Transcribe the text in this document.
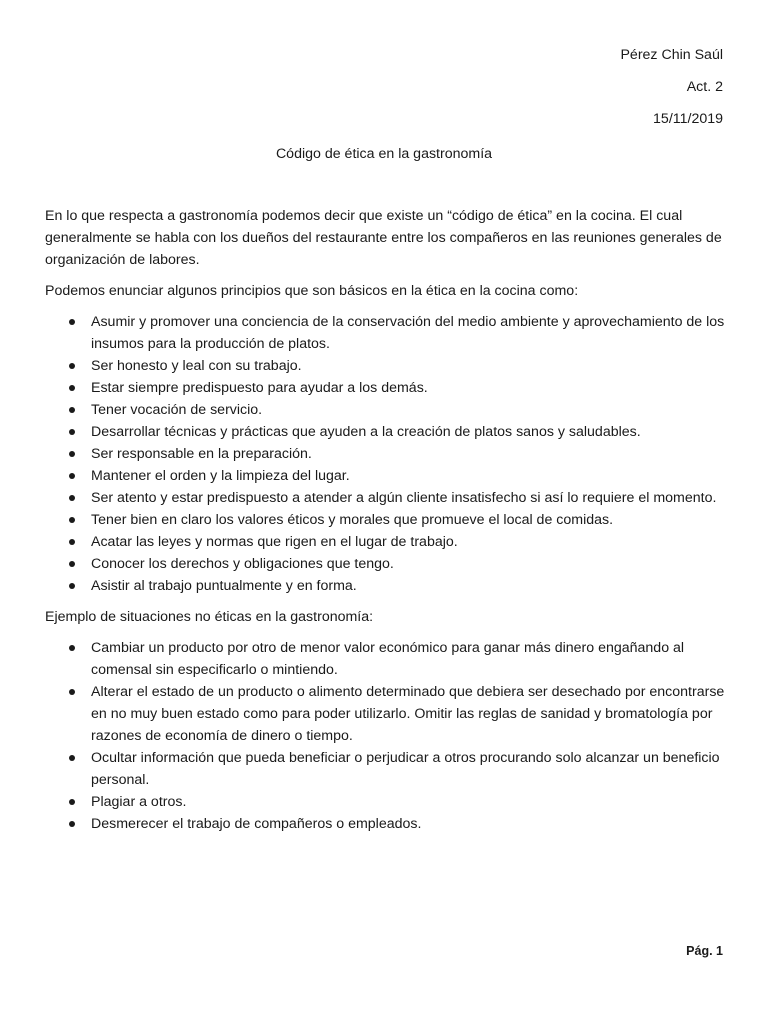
Pérez Chin Saúl
Act. 2
15/11/2019
Código de ética en la gastronomía

En lo que respecta a gastronomía podemos decir que existe un “código de ética” en la cocina. El cual generalmente se habla con los dueños del restaurante entre los compañeros en las reuniones generales de organización de labores.

Podemos enunciar algunos principios que son básicos en la ética en la cocina como:

Asumir y promover una conciencia de la conservación del medio ambiente y aprovechamiento de los insumos para la producción de platos.
Ser honesto y leal con su trabajo.
Estar siempre predispuesto para ayudar a los demás.
Tener vocación de servicio.
Desarrollar técnicas y prácticas que ayuden a la creación de platos sanos y saludables.
Ser responsable en la preparación.
Mantener el orden y la limpieza del lugar.
Ser atento y estar predispuesto a atender a algún cliente insatisfecho si así lo requiere el momento.
Tener bien en claro los valores éticos y morales que promueve el local de comidas.
Acatar las leyes y normas que rigen en el lugar de trabajo.
Conocer los derechos y obligaciones que tengo.
Asistir al trabajo puntualmente y en forma.

Ejemplo de situaciones no éticas en la gastronomía:

Cambiar un producto por otro de menor valor económico para ganar más dinero engañando al comensal sin especificarlo o mintiendo.
Alterar el estado de un producto o alimento determinado que debiera ser desechado por encontrarse en no muy buen estado como para poder utilizarlo. Omitir las reglas de sanidad y bromatología por razones de economía de dinero o tiempo.
Ocultar información que pueda beneficiar o perjudicar a otros procurando solo alcanzar un beneficio personal.
Plagiar a otros.
Desmerecer el trabajo de compañeros o empleados.
Pág. 1
